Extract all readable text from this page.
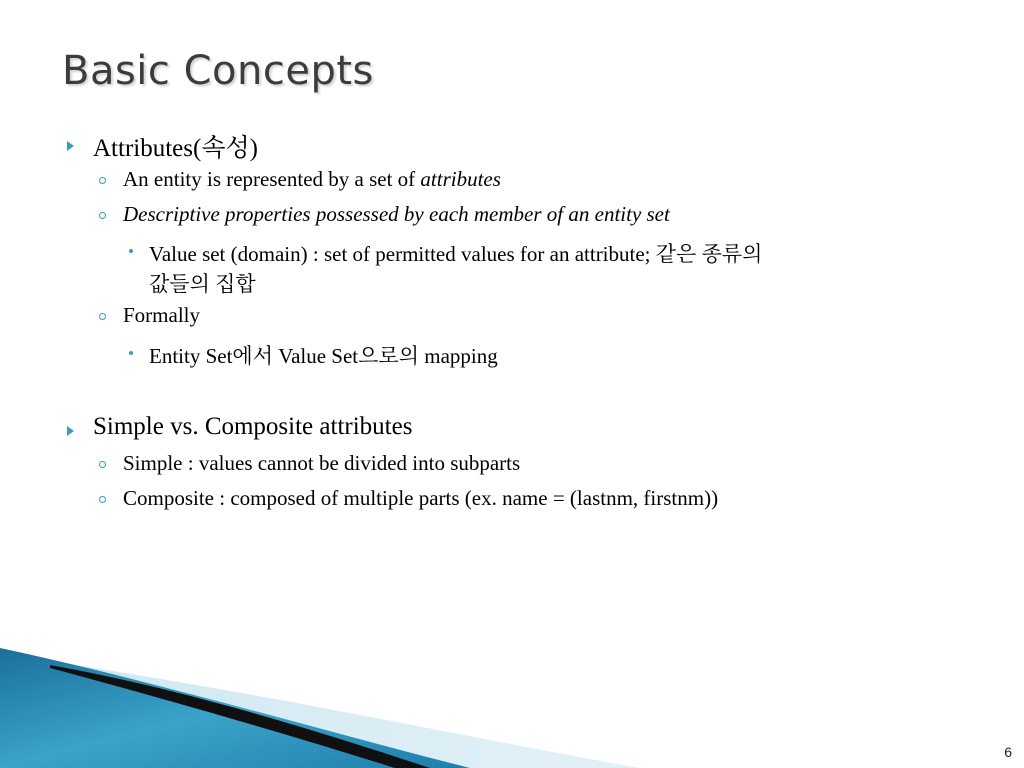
Basic Concepts
Attributes(속성)
An entity is represented by a set of attributes
Descriptive properties possessed by each member of an entity set
Value set (domain) : set of permitted values for an attribute; 같은 종류의
값들의 집합
Formally
Entity Set에서 Value Set으로의 mapping
Simple vs. Composite attributes
Simple : values cannot be divided into subparts
Composite : composed of multiple parts (ex. name = (lastnm, firstnm))
6
